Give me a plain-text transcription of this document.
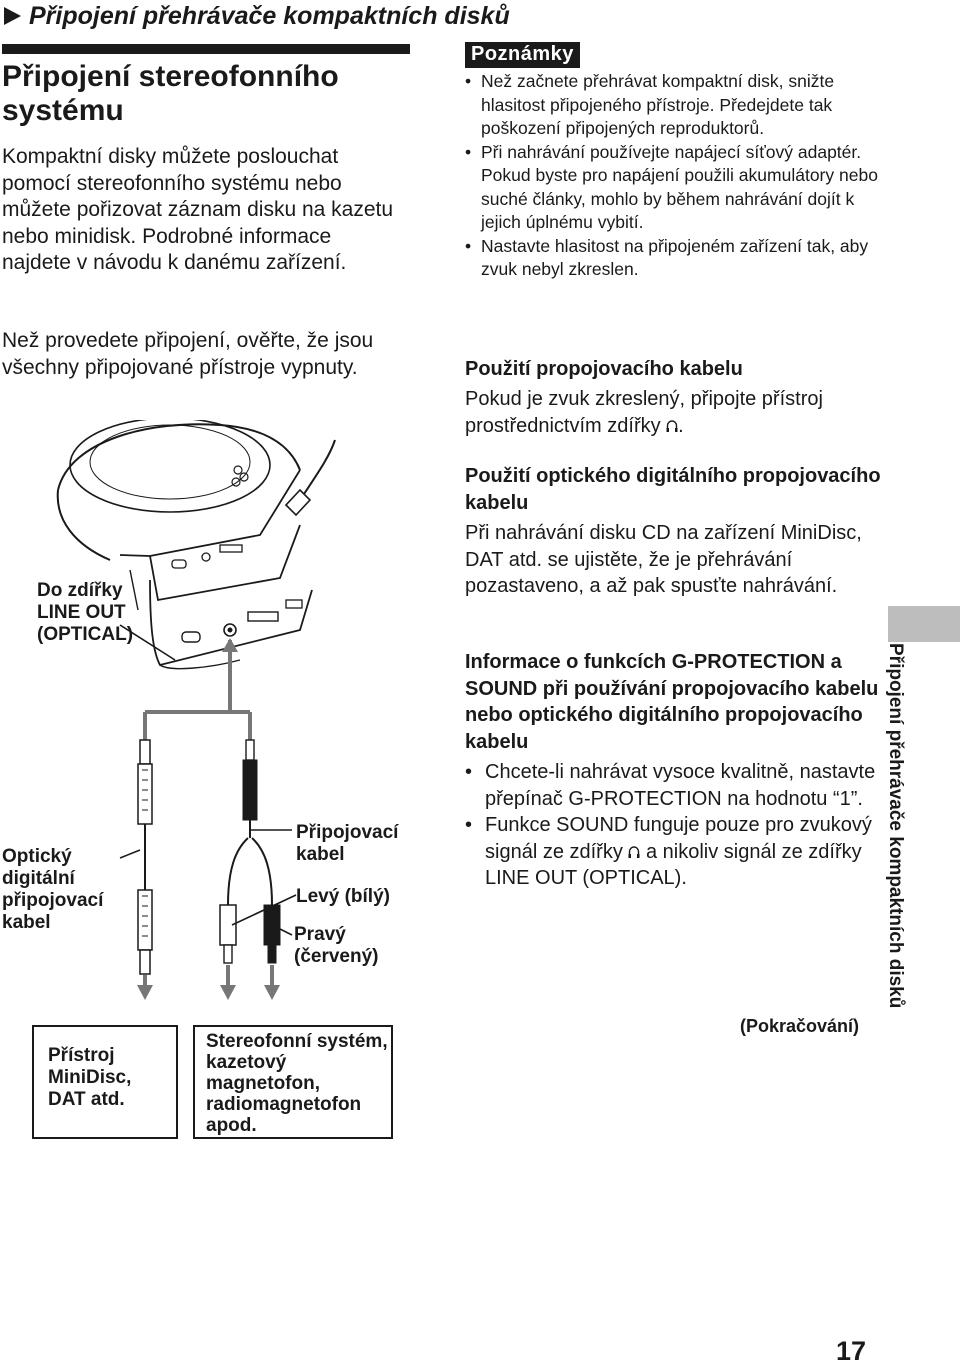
Připojení přehrávače kompaktních disků
Připojení stereofonního systému
Kompaktní disky můžete poslouchat pomocí stereofonního systému nebo můžete pořizovat záznam disku na kazetu nebo minidisk. Podrobné informace najdete v návodu k danému zařízení.
Než provedete připojení, ověřte, že jsou všechny připojované přístroje vypnuty.
Poznámky
• Než začnete přehrávat kompaktní disk, snižte hlasitost připojeného přístroje. Předejdete tak poškození připojených reproduktorů.
• Při nahrávání používejte napájecí síťový adaptér. Pokud byste pro napájení použili akumulátory nebo suché články, mohlo by během nahrávání dojít k jejich úplnému vybití.
• Nastavte hlasitost na připojeném zařízení tak, aby zvuk nebyl zkreslen.
Použití propojovacího kabelu
Pokud je zvuk zkreslený, připojte přístroj prostřednictvím zdířky .
Použití optického digitálního propojovacího kabelu
Při nahrávání disku CD na zařízení MiniDisc, DAT atd. se ujistěte, že je přehrávání pozastaveno, a až pak spusťte nahrávání.
Informace o funkcích G-PROTECTION a SOUND při používání propojovacího kabelu nebo optického digitálního propojovacího kabelu
• Chcete-li nahrávat vysoce kvalitně, nastavte přepínač G-PROTECTION na hodnotu “1”.
• Funkce SOUND funguje pouze pro zvukový signál ze zdířky a nikoliv signál ze zdířky LINE OUT (OPTICAL).
(Pokračování)
Připojení přehrávače kompaktních disků
Do zdířky LINE OUT (OPTICAL)
Optický digitální připojovací kabel
Připojovací kabel
Levý (bílý)
Pravý (červený)
Přístroj MiniDisc, DAT atd.
Stereofonní systém, kazetový magnetofon, radiomagnetofon apod.
17
